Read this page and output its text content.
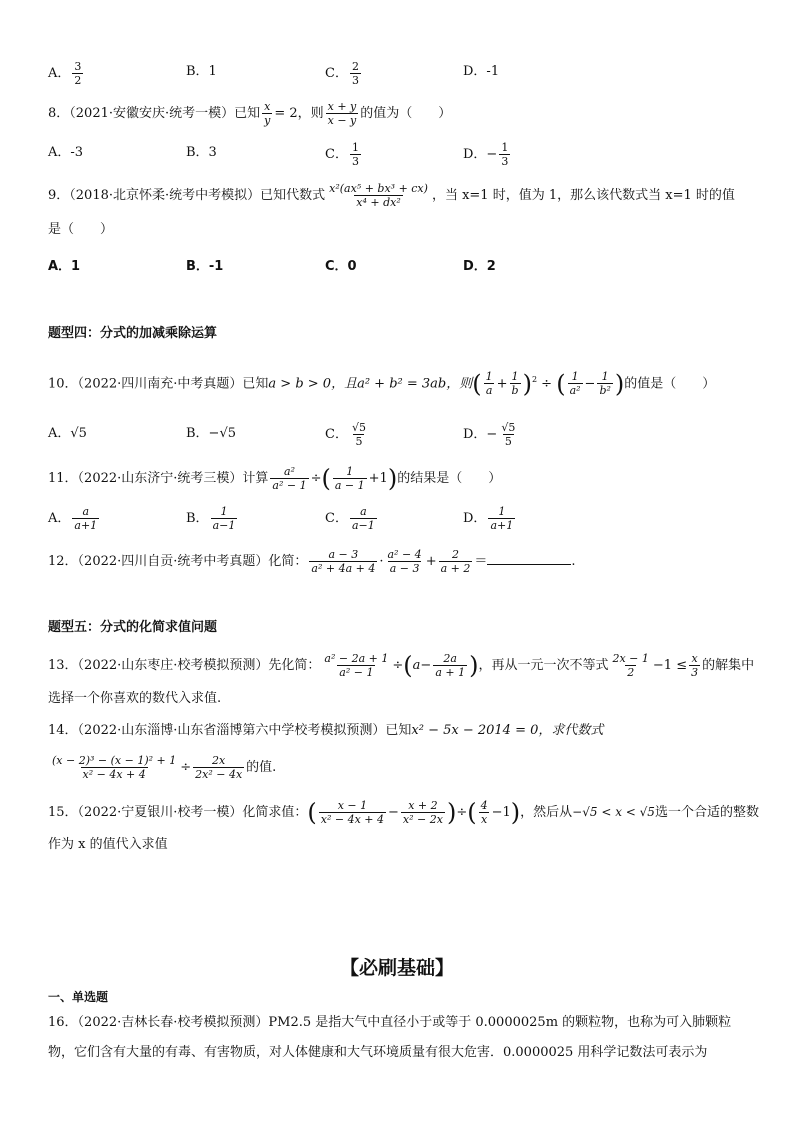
A． $\frac{3}{2}$	B．1	C． $\frac{2}{3}$	D．-1
8．（2021·安徽安庆·统考一模）已知 $\frac{x}{y} = 2$，则 $\frac{x + y}{x - y}$ 的值为（　　）
A．-3	B．3	C． $\frac{1}{3}$	D．− $\frac{1}{3}$
9．（2018·北京怀柔·统考中考模拟）已知代数式 $\frac{\text{x²(ax⁵ + bx³ + cx)}}{\text{x⁴ + dx²}}$ ，当 x=1 时，值为 1，那么该代数式当 x=1 时的值
是（　　）
A．1	B．-1	C．0	D．2
题型四：分式的加减乘除运算
10．（2022·四川南充·中考真题）已知a > b > 0，且a² + b² = 3ab，则( $\frac{1}{a} + \frac{1}{b} )^2$ ÷ ( $\frac{1}{\text{a²}} - \frac{1}{\text{b²}}$ )的值是（　　）
A．√5	B．−√5	C． $\frac{√5}{5}$	D．− $\frac{√5}{5}$
11．（2022·山东济宁·统考三模）计算 $\frac{\text{a²}}{\text{a² − 1}}$ ÷( $\frac{1}{a - 1} +1$)的结果是（　　）
A． $\frac{a}{a+1}$	B． $\frac{1}{a-1}$	C． $\frac{a}{a-1}$	D． $\frac{1}{a+1}$
12．（2022·四川自贡·统考中考真题）化简： $\frac{a - 3}{\text{a² + 4a + 4}} \cdot \frac{\text{a² − 4}}{a - 3} + \frac{2}{a + 2}$ ＝	.
题型五：分式的化简求值问题
13．（2022·山东枣庄·校考模拟预测）先化简： $\frac{\text{a² − 2a + 1}}{\text{a² − 1}} \div(a- \frac{2a}{a + 1}$ )，再从一元一次不等式 $\frac{2x - 1}{2} -1 \le \frac{x}{3}$ 的解集中
选择一个你喜欢的数代入求值.
14．（2022·山东淄博·山东省淄博第六中学校考模拟预测）已知x² − 5x − 2014 = 0，求代数式
$\frac{\text{(x − 2)³ − (x − 1)² + 1}}{\text{x² − 4x + 4}} \div \frac{2x}{\text{2x² − 4x}}$ 的值.
15．（2022·宁夏银川·校考一模）化简求值：( $\frac{x - 1}{\text{x² − 4x + 4}} - \frac{x + 2}{\text{x² − 2x}}$ )÷( $\frac{4}{x} -1$)，然后从−√5 < x < √5选一个合适的整数
作为 x 的值代入求值
【必刷基础】
一、单选题
16．（2022·吉林长春·校考模拟预测）PM2.5 是指大气中直径小于或等于 0.0000025m 的颗粒物，也称为可入肺颗粒
物，它们含有大量的有毒、有害物质，对人体健康和大气环境质量有很大危害．0.0000025 用科学记数法可表示为
